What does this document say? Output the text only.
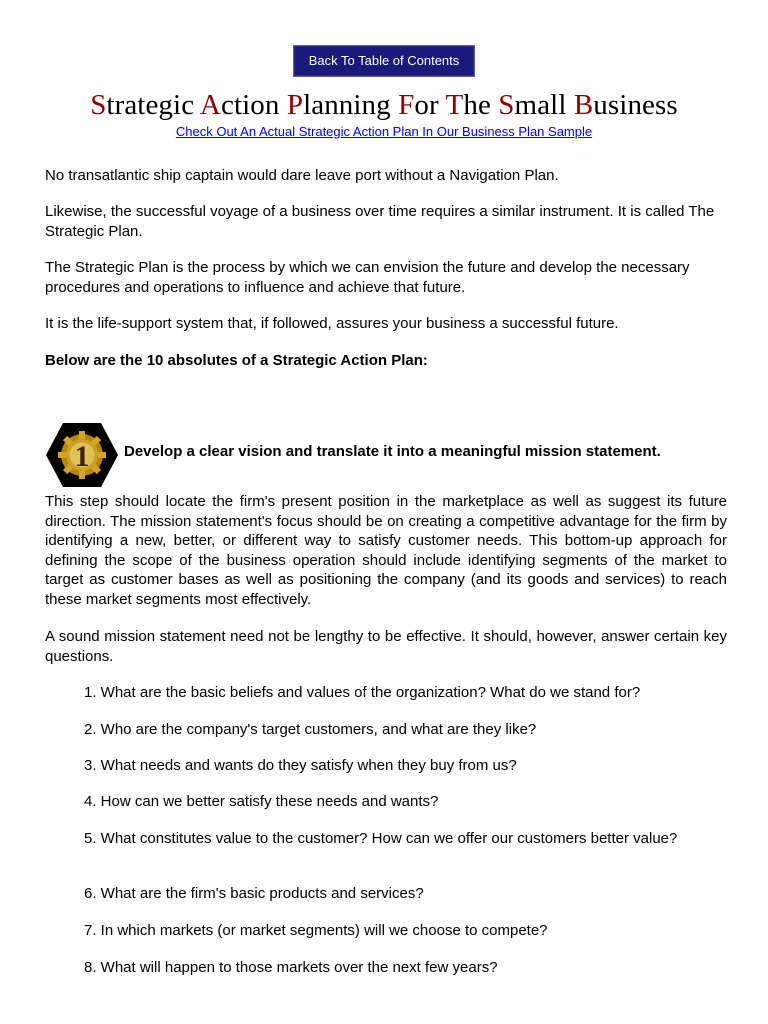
Back To Table of Contents
Strategic Action Planning For The Small Business
Check Out An Actual Strategic Action Plan In Our Business Plan Sample

No transatlantic ship captain would dare leave port without a Navigation Plan.

Likewise, the successful voyage of a business over time requires a similar instrument. It is called The Strategic Plan.

The Strategic Plan is the process by which we can envision the future and develop the necessary procedures and operations to influence and achieve that future.

It is the life-support system that, if followed, assures your business a successful future.

Below are the 10 absolutes of a Strategic Action Plan:

1 Develop a clear vision and translate it into a meaningful mission statement.

This step should locate the firm's present position in the marketplace as well as suggest its future direction. The mission statement's focus should be on creating a competitive advantage for the firm by identifying a new, better, or different way to satisfy customer needs. This bottom-up approach for defining the scope of the business operation should include identifying segments of the market to target as customer bases as well as positioning the company (and its goods and services) to reach these market segments most effectively.

A sound mission statement need not be lengthy to be effective. It should, however, answer certain key questions.

1. What are the basic beliefs and values of the organization? What do we stand for?

2. Who are the company's target customers, and what are they like?

3. What needs and wants do they satisfy when they buy from us?

4. How can we better satisfy these needs and wants?

5. What constitutes value to the customer? How can we offer our customers better value?

6. What are the firm's basic products and services?

7. In which markets (or market segments) will we choose to compete?

8. What will happen to those markets over the next few years?
